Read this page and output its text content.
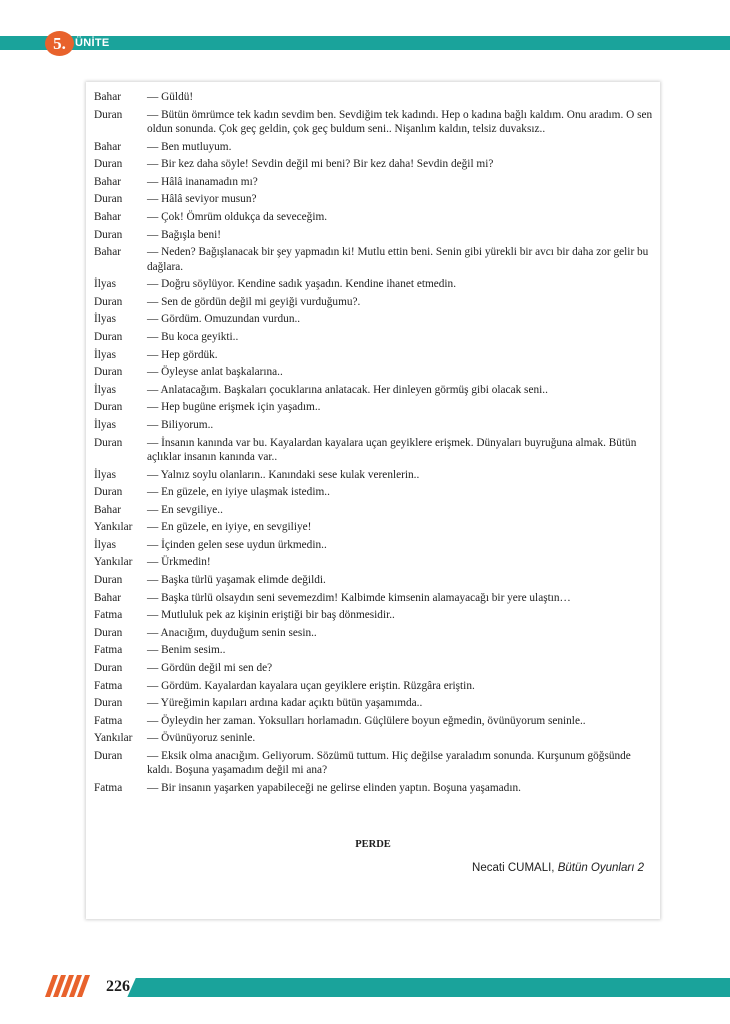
5. ÜNİTE
Bahar	— Güldü!
Duran	— Bütün ömrümce tek kadın sevdim ben. Sevdiğim tek kadındı. Hep o kadına bağlı kaldım. Onu aradım. O sen oldun sonunda. Çok geç geldin, çok geç buldum seni.. Nişanlım kaldın, telsiz duvaksız..
Bahar	— Ben mutluyum.
Duran	— Bir kez daha söyle! Sevdin değil mi beni? Bir kez daha! Sevdin değil mi?
Bahar	— Hâlâ inanamadın mı?
Duran	— Hâlâ seviyor musun?
Bahar	— Çok! Ömrüm oldukça da seveceğim.
Duran	— Bağışla beni!
Bahar	— Neden? Bağışlanacak bir şey yapmadın ki! Mutlu ettin beni. Senin gibi yürekli bir avcı bir daha zor gelir bu dağlara.
İlyas	— Doğru söylüyor. Kendine sadık yaşadın. Kendine ihanet etmedin.
Duran	— Sen de gördün değil mi geyiği vurduğumu?.
İlyas	— Gördüm. Omuzundan vurdun..
Duran	— Bu koca geyikti..
İlyas	— Hep gördük.
Duran	— Öyleyse anlat başkalarına..
İlyas	— Anlatacağım. Başkaları çocuklarına anlatacak. Her dinleyen görmüş gibi olacak seni..
Duran	— Hep bugüne erişmek için yaşadım..
İlyas	— Biliyorum..
Duran	— İnsanın kanında var bu. Kayalardan kayalara uçan geyiklere erişmek. Dünyaları buyruğuna almak. Bütün açlıklar insanın kanında var..
İlyas	— Yalnız soylu olanların.. Kanındaki sese kulak verenlerin..
Duran	— En güzele, en iyiye ulaşmak istedim..
Bahar	— En sevgiliye..
Yankılar	— En güzele, en iyiye, en sevgiliye!
İlyas	— İçinden gelen sese uydun ürkmedin..
Yankılar	— Ürkmedin!
Duran	— Başka türlü yaşamak elimde değildi.
Bahar	— Başka türlü olsaydın seni sevemezdim! Kalbimde kimsenin alamayacağı bir yere ulaştın…
Fatma	— Mutluluk pek az kişinin eriştiği bir baş dönmesidir..
Duran	— Anacığım, duyduğum senin sesin..
Fatma	— Benim sesim..
Duran	— Gördün değil mi sen de?
Fatma	— Gördüm. Kayalardan kayalara uçan geyiklere eriştin. Rüzgâra eriştin.
Duran	— Yüreğimin kapıları ardına kadar açıktı bütün yaşamımda..
Fatma	— Öyleydin her zaman. Yoksulları horlamadın. Güçlülere boyun eğmedin, övünüyorum seninle..
Yankılar	— Övünüyoruz seninle.
Duran	— Eksik olma anacığım. Geliyorum. Sözümü tuttum. Hiç değilse yaraladım sonunda. Kurşunum göğsünde kaldı. Boşuna yaşamadım değil mi ana?
Fatma	— Bir insanın yaşarken yapabileceği ne gelirse elinden yaptın. Boşuna yaşamadın.
PERDE
Necati CUMALI, Bütün Oyunları 2
226
